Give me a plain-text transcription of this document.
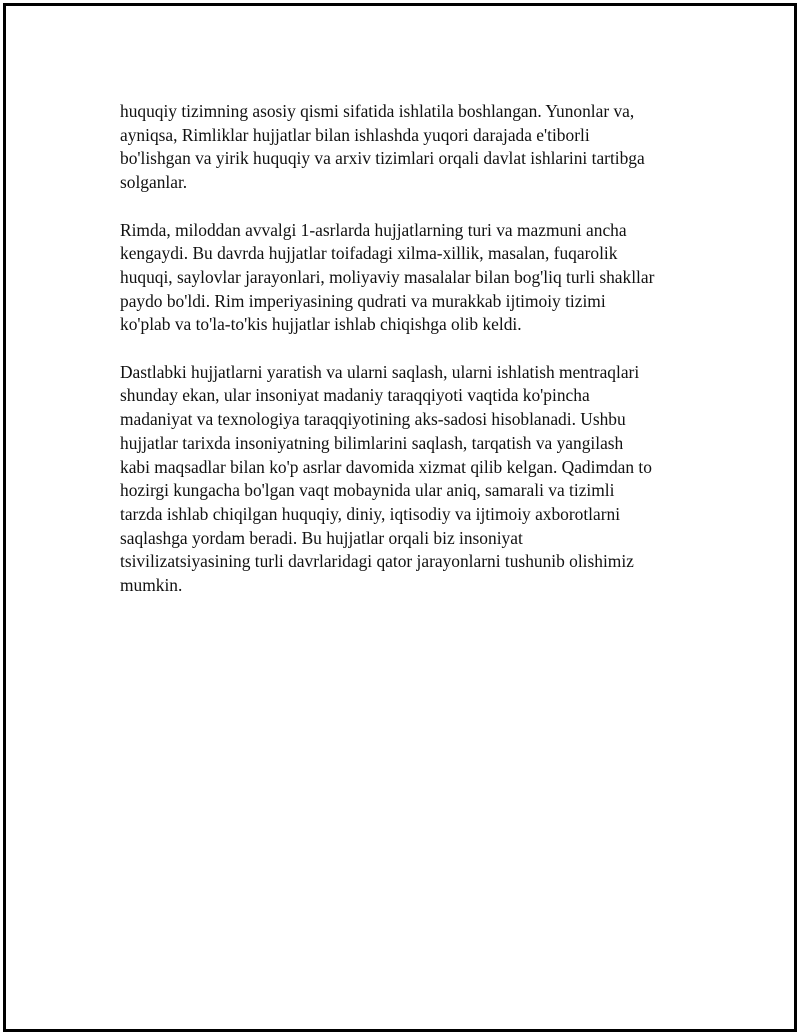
huquqiy tizimning asosiy qismi sifatida ishlatila boshlangan. Yunonlar va,
ayniqsa, Rimliklar hujjatlar bilan ishlashda yuqori darajada e'tiborli
bo'lishgan va yirik huquqiy va arxiv tizimlari orqali davlat ishlarini tartibga
solganlar.

Rimda, miloddan avvalgi 1-asrlarda hujjatlarning turi va mazmuni ancha
kengaydi. Bu davrda hujjatlar toifadagi xilma-xillik, masalan, fuqarolik
huquqi, saylovlar jarayonlari, moliyaviy masalalar bilan bog'liq turli shakllar
paydo bo'ldi. Rim imperiyasining qudrati va murakkab ijtimoiy tizimi
ko'plab va to'la-to'kis hujjatlar ishlab chiqishga olib keldi.

Dastlabki hujjatlarni yaratish va ularni saqlash, ularni ishlatish mentraqlari
shunday ekan, ular insoniyat madaniy taraqqiyoti vaqtida ko'pincha
madaniyat va texnologiya taraqqiyotining aks-sadosi hisoblanadi. Ushbu
hujjatlar tarixda insoniyatning bilimlarini saqlash, tarqatish va yangilash
kabi maqsadlar bilan ko'p asrlar davomida xizmat qilib kelgan. Qadimdan to
hozirgi kungacha bo'lgan vaqt mobaynida ular aniq, samarali va tizimli
tarzda ishlab chiqilgan huquqiy, diniy, iqtisodiy va ijtimoiy axborotlarni
saqlashga yordam beradi. Bu hujjatlar orqali biz insoniyat
tsivilizatsiyasining turli davrlaridagi qator jarayonlarni tushunib olishimiz
mumkin.
